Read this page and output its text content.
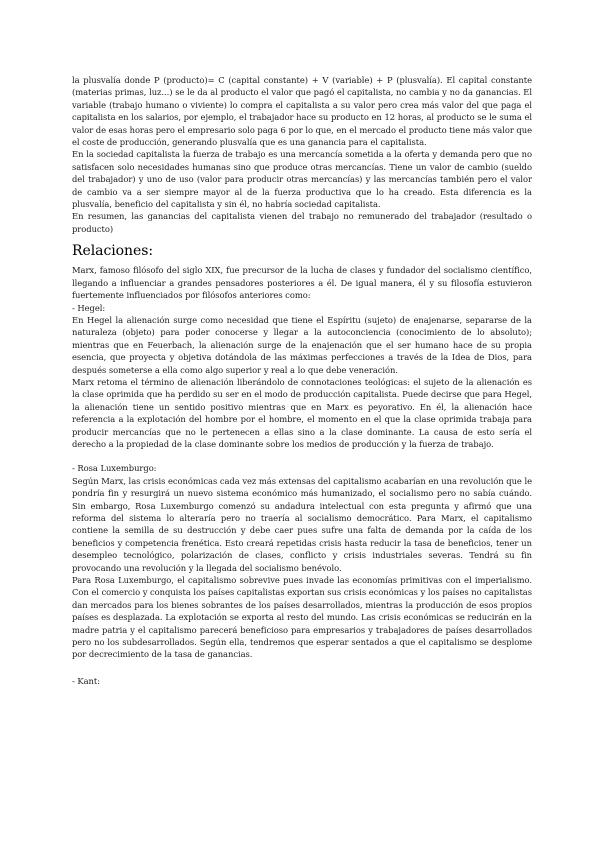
la plusvalía donde P (producto)= C (capital constante) + V (variable) + P (plusvalía). El capital constante (materias primas, luz...) se le da al producto el valor que pagó el capitalista, no cambia y no da ganancias. El variable (trabajo humano o viviente) lo compra el capitalista a su valor pero crea más valor del que paga el capitalista en los salarios, por ejemplo, el trabajador hace su producto en 12 horas, al producto se le suma el valor de esas horas pero el empresario solo paga 6 por lo que, en el mercado el producto tiene más valor que el coste de producción, generando plusvalía que es una ganancia para el capitalista.

En la sociedad capitalista la fuerza de trabajo es una mercancía sometida a la oferta y demanda pero que no satisfacen solo necesidades humanas sino que produce otras mercancías. Tiene un valor de cambio (sueldo del trabajador) y uno de uso (valor para producir otras mercancías) y las mercancías también pero el valor de cambio va a ser siempre mayor al de la fuerza productiva que lo ha creado. Esta diferencia es la plusvalía, beneficio del capitalista y sin él, no habría sociedad capitalista.

En resumen, las ganancias del capitalista vienen del trabajo no remunerado del trabajador (resultado o producto)

Relaciones:

Marx, famoso filósofo del siglo XIX, fue precursor de la lucha de clases y fundador del socialismo científico, llegando a influenciar a grandes pensadores posteriores a él. De igual manera, él y su filosofía estuvieron fuertemente influenciados por filósofos anteriores como:

- Hegel:

En Hegel la alienación surge como necesidad que tiene el Espíritu (sujeto) de enajenarse, separarse de la naturaleza (objeto) para poder conocerse y llegar a la autoconciencia (conocimiento de lo absoluto); mientras que en Feuerbach, la alienación surge de la enajenación que el ser humano hace de su propia esencia, que proyecta y objetiva dotándola de las máximas perfecciones a través de la Idea de Dios, para después someterse a ella como algo superior y real a lo que debe veneración.

Marx retoma el término de alienación liberándolo de connotaciones teológicas: el sujeto de la alienación es la clase oprimida que ha perdido su ser en el modo de producción capitalista. Puede decirse que para Hegel, la alienación tiene un sentido positivo mientras que en Marx es peyorativo. En él, la alienación hace referencia a la explotación del hombre por el hombre, el momento en el que la clase oprimida trabaja para producir mercancías que no le pertenecen a ellas sino a la clase dominante. La causa de esto sería el derecho a la propiedad de la clase dominante sobre los medios de producción y la fuerza de trabajo.

- Rosa Luxemburgo:

Según Marx, las crisis económicas cada vez más extensas del capitalismo acabarían en una revolución que le pondría fin y resurgirá un nuevo sistema económico más humanizado, el socialismo pero no sabía cuándo. Sin embargo, Rosa Luxemburgo comenzó su andadura intelectual con esta pregunta y afirmó que una reforma del sistema lo alteraría pero no traería al socialismo democrático. Para Marx, el capitalismo contiene la semilla de su destrucción y debe caer pues sufre una falta de demanda por la caída de los beneficios y competencia frenética. Esto creará repetidas crisis hasta reducir la tasa de beneficios, tener un desempleo tecnológico, polarización de clases, conflicto y crisis industriales severas. Tendrá su fin provocando una revolución y la llegada del socialismo benévolo.

Para Rosa Luxemburgo, el capitalismo sobrevive pues invade las economías primitivas con el imperialismo. Con el comercio y conquista los países capitalistas exportan sus crisis económicas y los países no capitalistas dan mercados para los bienes sobrantes de los países desarrollados, mientras la producción de esos propios países es desplazada. La explotación se exporta al resto del mundo. Las crisis económicas se reducirán en la madre patria y el capitalismo parecerá beneficioso para empresarios y trabajadores de países desarrollados pero no los subdesarrollados. Según ella, tendremos que esperar sentados a que el capitalismo se desplome por decrecimiento de la tasa de ganancias.

- Kant:
